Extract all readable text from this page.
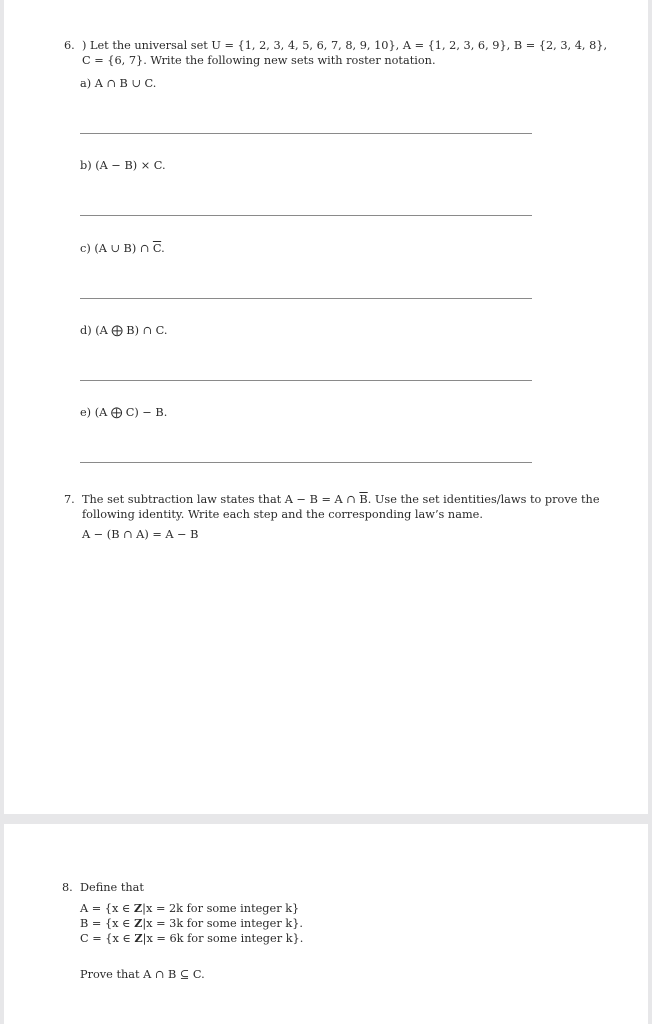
6. ) Let the universal set U = {1, 2, 3, 4, 5, 6, 7, 8, 9, 10}, A = {1, 2, 3, 6, 9}, B = {2, 3, 4, 8},
C = {6, 7}. Write the following new sets with roster notation.
a) A ∩ B ∪ C.
b) (A − B) × C.
c) (A ∪ B) ∩ $\overline{C}$.
d) (A ⨁ B) ∩ C.
e) (A ⨁ C) − B.
7. The set subtraction law states that A − B = A ∩ $\overline{B}$. Use the set identities/laws to prove the
following identity. Write each step and the corresponding law’s name.
A − (B ∩ A) = A − B
8. Define that
A = {x ∈ Z|x = 2k for some integer k}
B = {x ∈ Z|x = 3k for some integer k}.
C = {x ∈ Z|x = 6k for some integer k}.
Prove that A ∩ B ⊆ C.
